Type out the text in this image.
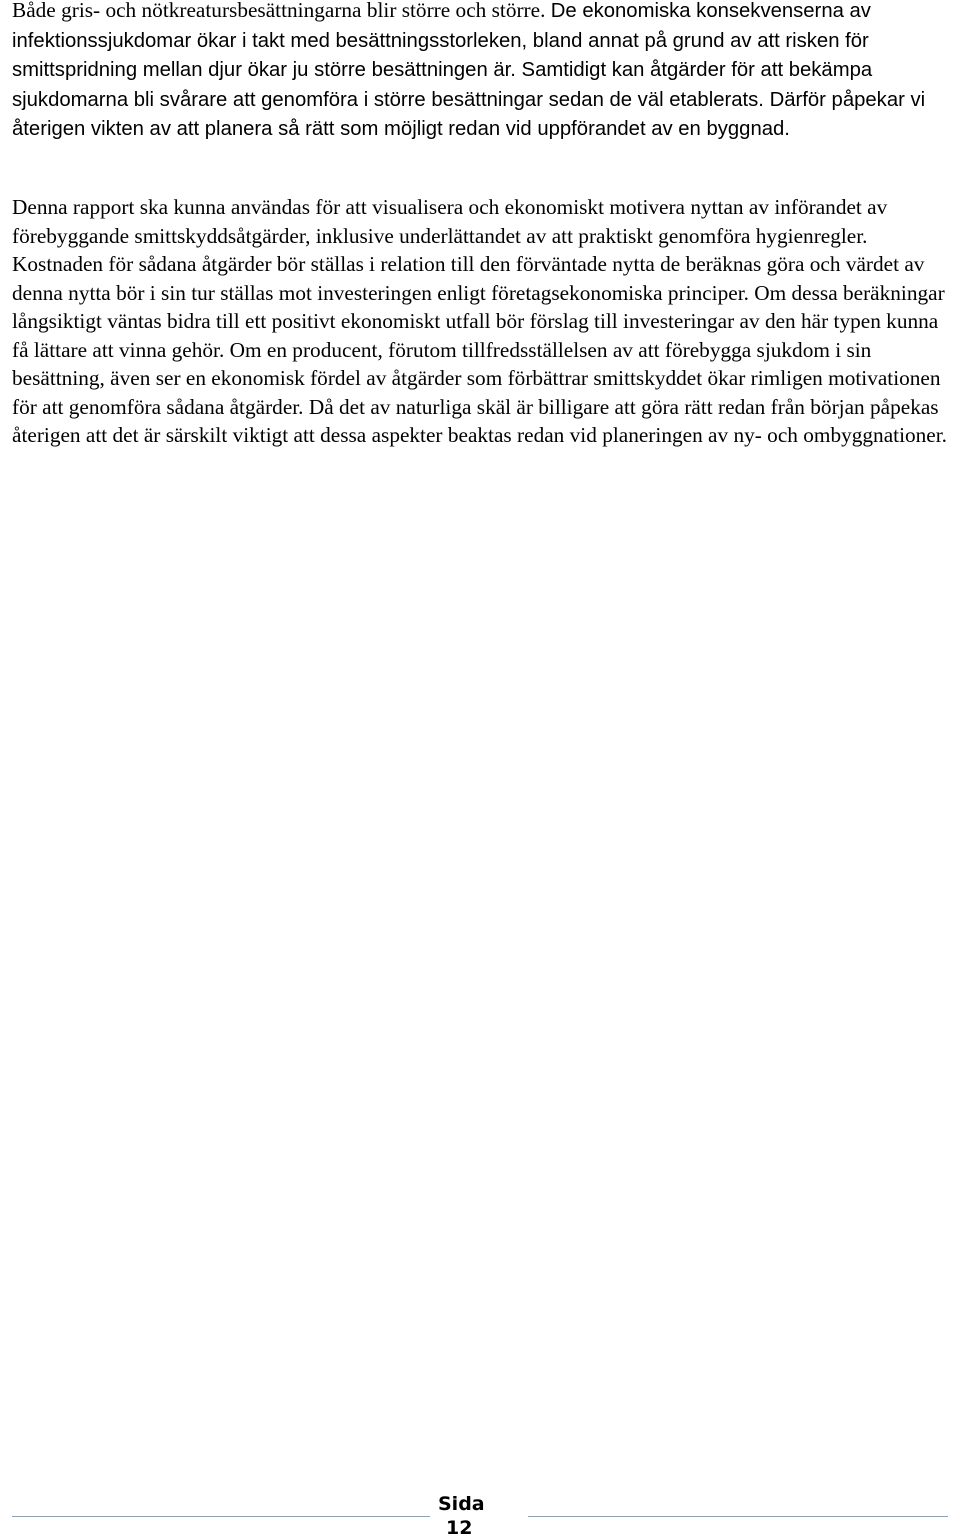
Både gris- och nötkreatursbesättningarna blir större och större. De ekonomiska konsekvenserna av infektionssjukdomar ökar i takt med besättningsstorleken, bland annat på grund av att risken för smittspridning mellan djur ökar ju större besättningen är. Samtidigt kan åtgärder för att bekämpa sjukdomarna bli svårare att genomföra i större besättningar sedan de väl etablerats. Därför påpekar vi återigen vikten av att planera så rätt som möjligt redan vid uppförandet av en byggnad.

Denna rapport ska kunna användas för att visualisera och ekonomiskt motivera nyttan av införandet av förebyggande smittskyddsåtgärder, inklusive underlättandet av att praktiskt genomföra hygienregler. Kostnaden för sådana åtgärder bör ställas i relation till den förväntade nytta de beräknas göra och värdet av denna nytta bör i sin tur ställas mot investeringen enligt företagsekonomiska principer. Om dessa beräkningar långsiktigt väntas bidra till ett positivt ekonomiskt utfall bör förslag till investeringar av den här typen kunna få lättare att vinna gehör. Om en producent, förutom tillfredsställelsen av att förebygga sjukdom i sin besättning, även ser en ekonomisk fördel av åtgärder som förbättrar smittskyddet ökar rimligen motivationen för att genomföra sådana åtgärder. Då det av naturliga skäl är billigare att göra rätt redan från början påpekas återigen att det är särskilt viktigt att dessa aspekter beaktas redan vid planeringen av ny- och ombyggnationer.

Sida
12
